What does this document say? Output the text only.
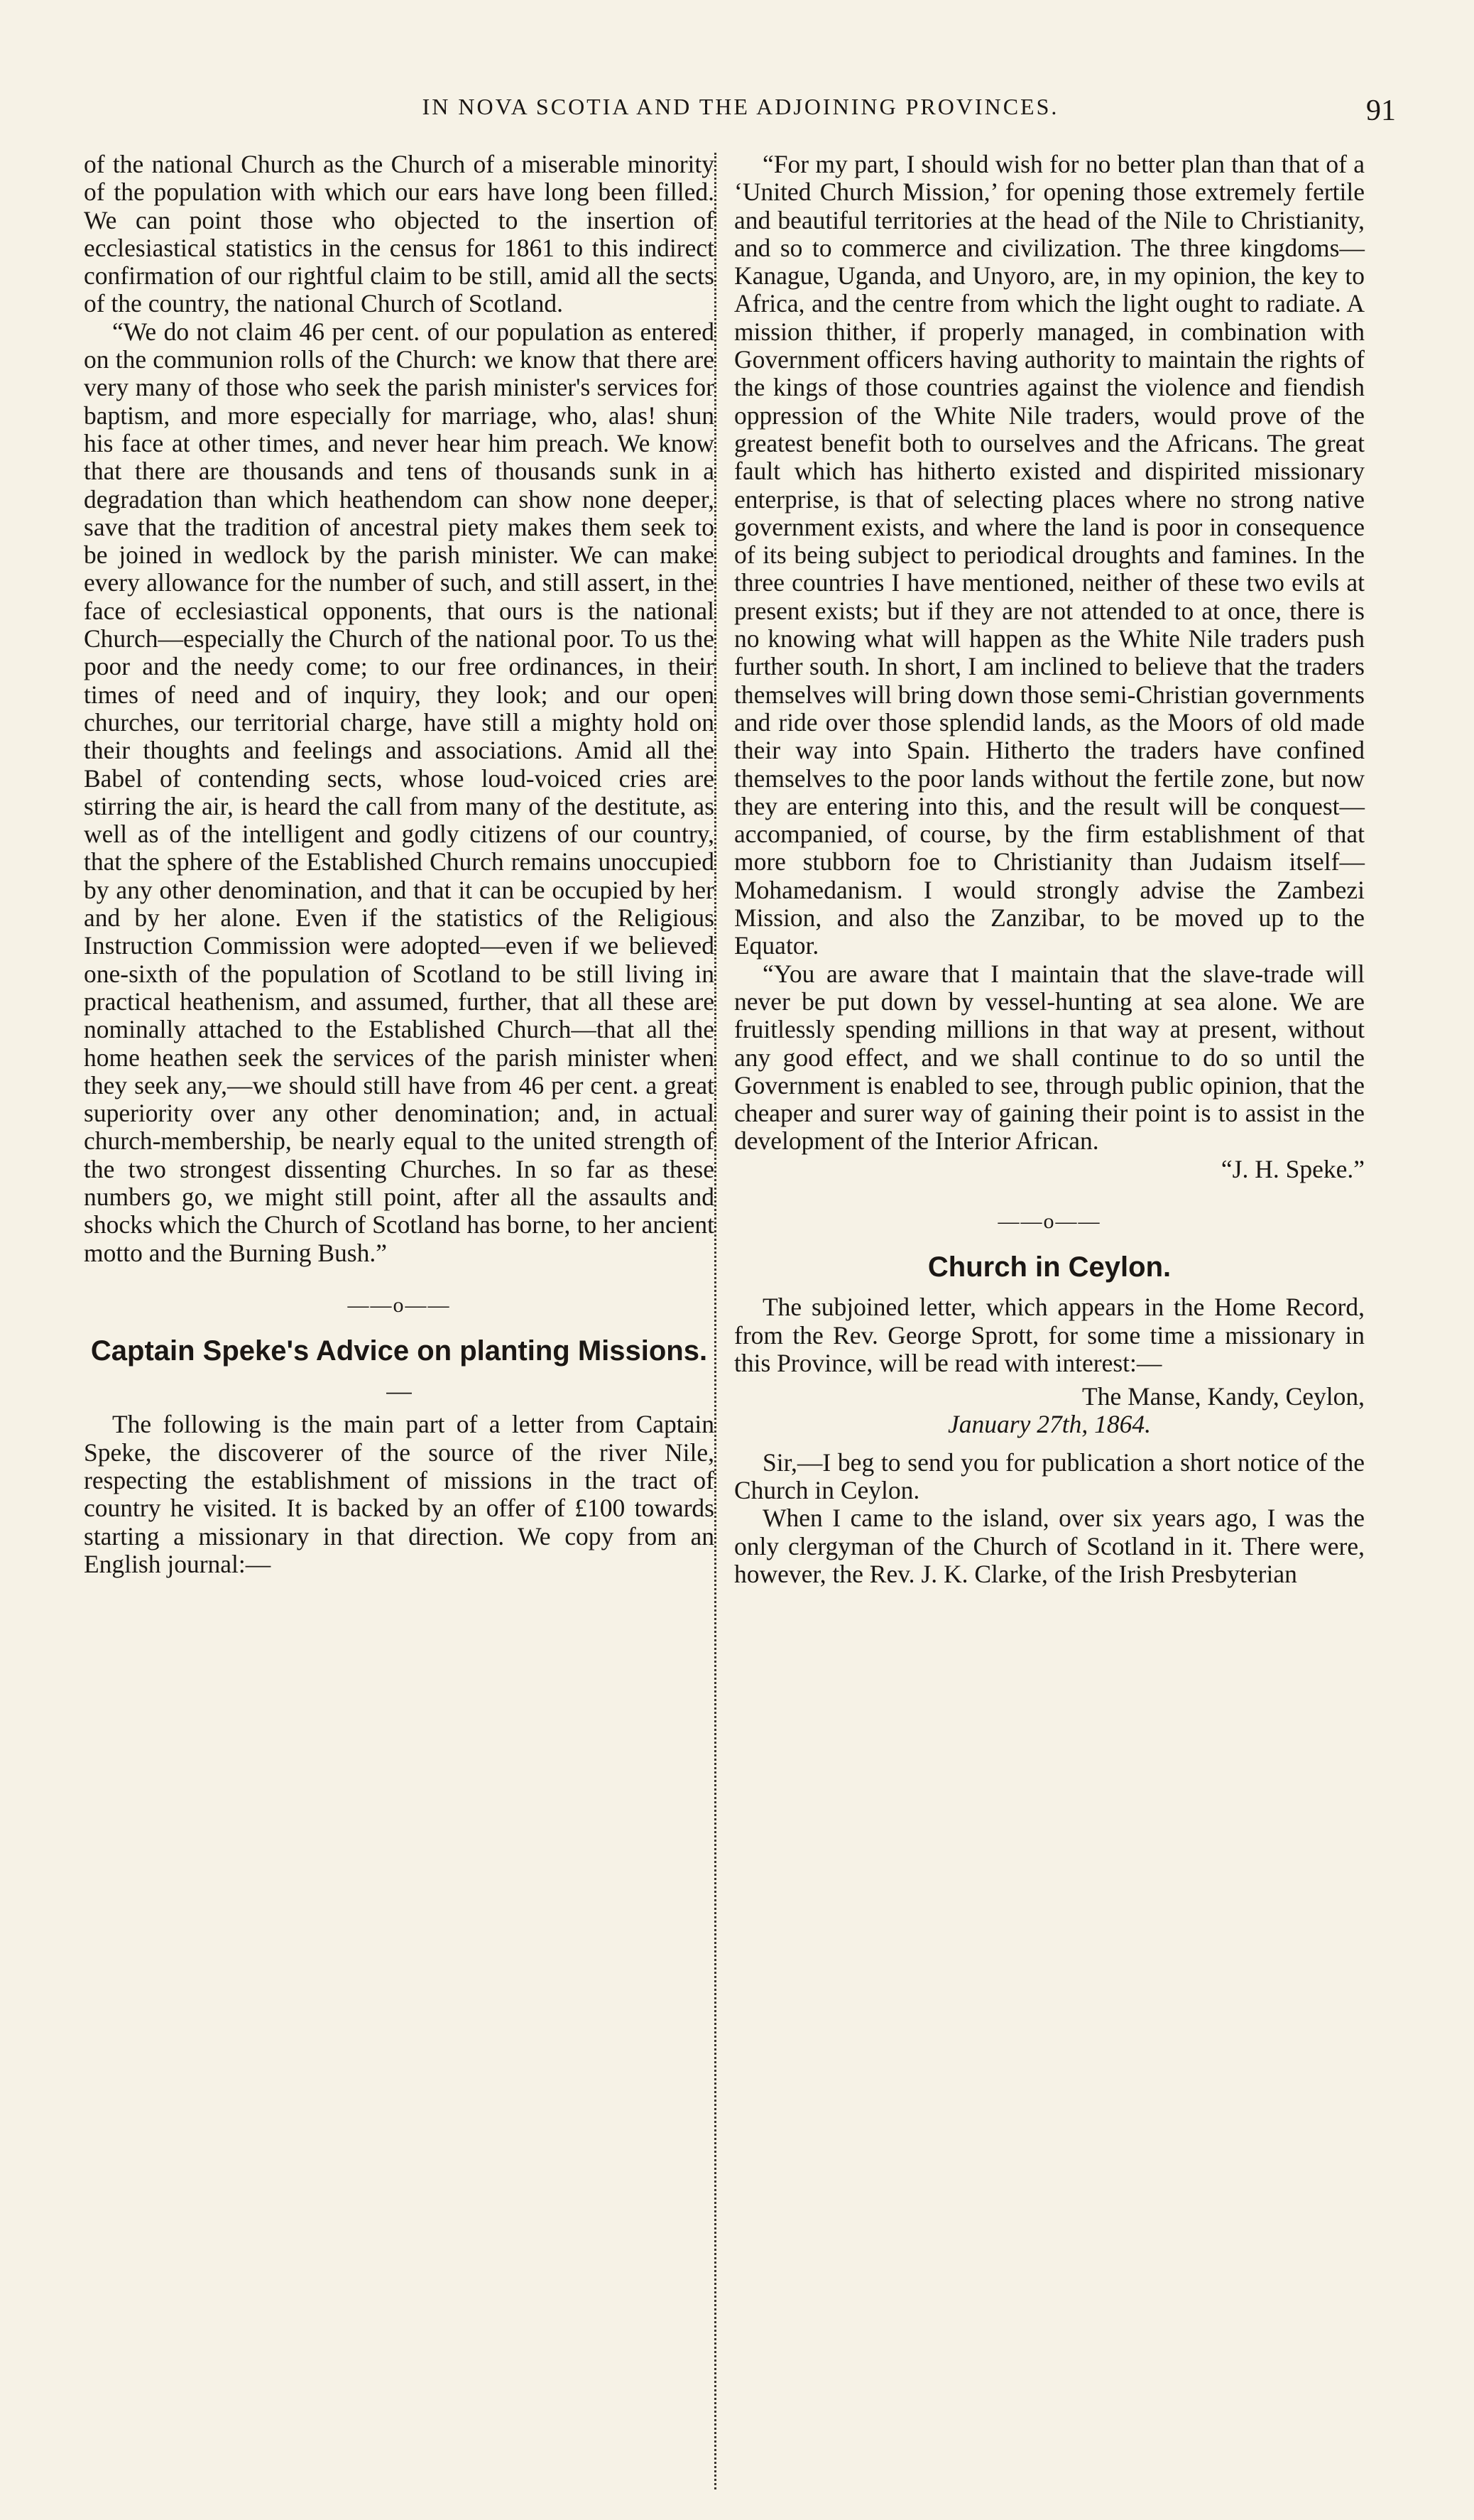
IN NOVA SCOTIA AND THE ADJOINING PROVINCES.	91

of the national Church as the Church of a miserable minority of the population with which our ears have long been filled. We can point those who objected to the insertion of ecclesiastical statistics in the census for 1861 to this indirect confirmation of our rightful claim to be still, amid all the sects of the country, the national Church of Scotland.

“We do not claim 46 per cent. of our population as entered on the communion rolls of the Church: we know that there are very many of those who seek the parish minister's services for baptism, and more especially for marriage, who, alas! shun his face at other times, and never hear him preach. We know that there are thousands and tens of thousands sunk in a degradation than which heathendom can show none deeper, save that the tradition of ancestral piety makes them seek to be joined in wedlock by the parish minister. We can make every allowance for the number of such, and still assert, in the face of ecclesiastical opponents, that ours is the national Church—especially the Church of the national poor. To us the poor and the needy come; to our free ordinances, in their times of need and of inquiry, they look; and our open churches, our territorial charge, have still a mighty hold on their thoughts and feelings and associations. Amid all the Babel of contending sects, whose loud-voiced cries are stirring the air, is heard the call from many of the destitute, as well as of the intelligent and godly citizens of our country, that the sphere of the Established Church remains unoccupied by any other denomination, and that it can be occupied by her and by her alone. Even if the statistics of the Religious Instruction Commission were adopted—even if we believed one-sixth of the population of Scotland to be still living in practical heathenism, and assumed, further, that all these are nominally attached to the Established Church—that all the home heathen seek the services of the parish minister when they seek any,—we should still have from 46 per cent. a great superiority over any other denomination; and, in actual church-membership, be nearly equal to the united strength of the two strongest dissenting Churches. In so far as these numbers go, we might still point, after all the assaults and shocks which the Church of Scotland has borne, to her ancient motto and the Burning Bush.”

——o——
Captain Speke's Advice on planting Missions.
—

The following is the main part of a letter from Captain Speke, the discoverer of the source of the river Nile, respecting the establishment of missions in the tract of country he visited. It is backed by an offer of £100 towards starting a missionary in that direction. We copy from an English journal:—

“For my part, I should wish for no better plan than that of a ‘United Church Mission,’ for opening those extremely fertile and beautiful territories at the head of the Nile to Christianity, and so to commerce and civilization. The three kingdoms—Kanague, Uganda, and Unyoro, are, in my opinion, the key to Africa, and the centre from which the light ought to radiate. A mission thither, if properly managed, in combination with Government officers having authority to maintain the rights of the kings of those countries against the violence and fiendish oppression of the White Nile traders, would prove of the greatest benefit both to ourselves and the Africans. The great fault which has hitherto existed and dispirited missionary enterprise, is that of selecting places where no strong native government exists, and where the land is poor in consequence of its being subject to periodical droughts and famines. In the three countries I have mentioned, neither of these two evils at present exists; but if they are not attended to at once, there is no knowing what will happen as the White Nile traders push further south. In short, I am inclined to believe that the traders themselves will bring down those semi-Christian governments and ride over those splendid lands, as the Moors of old made their way into Spain. Hitherto the traders have confined themselves to the poor lands without the fertile zone, but now they are entering into this, and the result will be conquest—accompanied, of course, by the firm establishment of that more stubborn foe to Christianity than Judaism itself—Mohamedanism. I would strongly advise the Zambezi Mission, and also the Zanzibar, to be moved up to the Equator.

“You are aware that I maintain that the slave-trade will never be put down by vessel-hunting at sea alone. We are fruitlessly spending millions in that way at present, without any good effect, and we shall continue to do so until the Government is enabled to see, through public opinion, that the cheaper and surer way of gaining their point is to assist in the development of the Interior African.

“J. H. Speke.”
——o——
Church in Ceylon.

The subjoined letter, which appears in the Home Record, from the Rev. George Sprott, for some time a missionary in this Province, will be read with interest:—

The Manse, Kandy, Ceylon,
January 27th, 1864.

Sir,—I beg to send you for publication a short notice of the Church in Ceylon.

When I came to the island, over six years ago, I was the only clergyman of the Church of Scotland in it. There were, however, the Rev. J. K. Clarke, of the Irish Presbyterian
